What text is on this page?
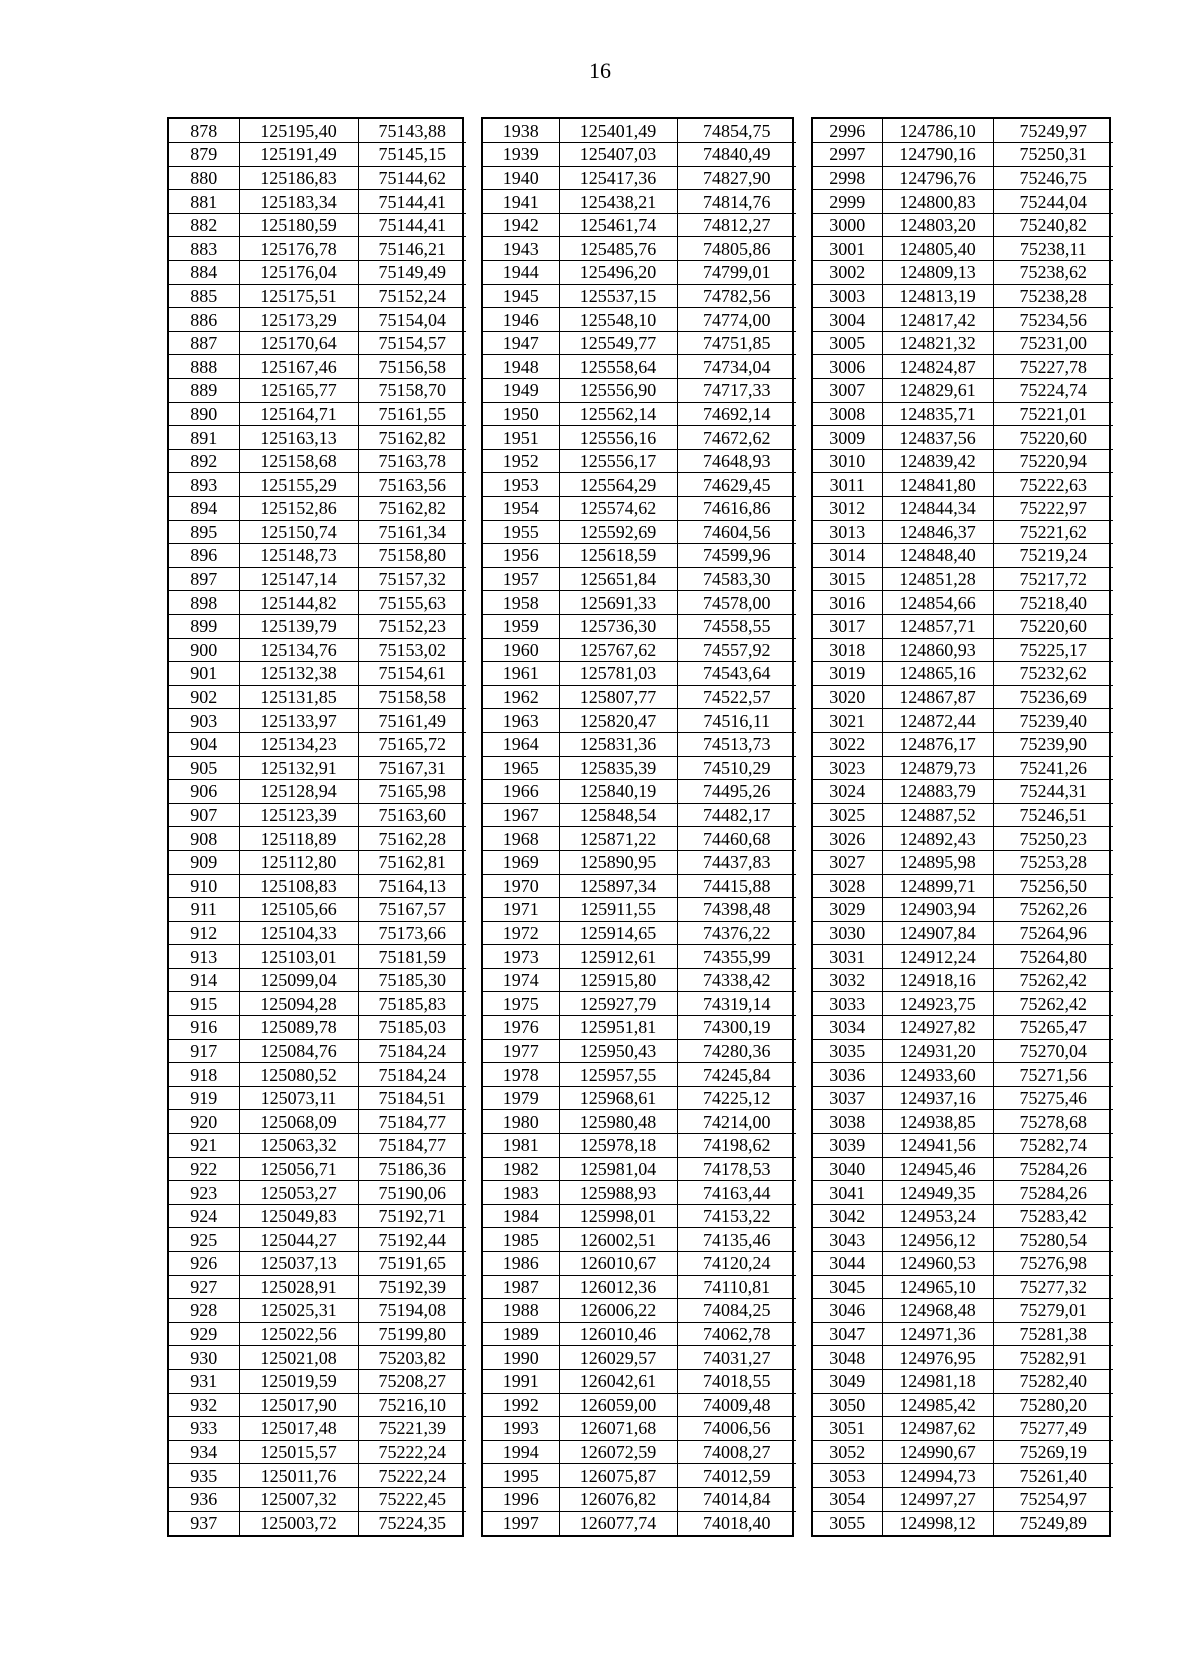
16
878	125195,40	75143,88
879	125191,49	75145,15
880	125186,83	75144,62
881	125183,34	75144,41
882	125180,59	75144,41
883	125176,78	75146,21
884	125176,04	75149,49
885	125175,51	75152,24
886	125173,29	75154,04
887	125170,64	75154,57
888	125167,46	75156,58
889	125165,77	75158,70
890	125164,71	75161,55
891	125163,13	75162,82
892	125158,68	75163,78
893	125155,29	75163,56
894	125152,86	75162,82
895	125150,74	75161,34
896	125148,73	75158,80
897	125147,14	75157,32
898	125144,82	75155,63
899	125139,79	75152,23
900	125134,76	75153,02
901	125132,38	75154,61
902	125131,85	75158,58
903	125133,97	75161,49
904	125134,23	75165,72
905	125132,91	75167,31
906	125128,94	75165,98
907	125123,39	75163,60
908	125118,89	75162,28
909	125112,80	75162,81
910	125108,83	75164,13
911	125105,66	75167,57
912	125104,33	75173,66
913	125103,01	75181,59
914	125099,04	75185,30
915	125094,28	75185,83
916	125089,78	75185,03
917	125084,76	75184,24
918	125080,52	75184,24
919	125073,11	75184,51
920	125068,09	75184,77
921	125063,32	75184,77
922	125056,71	75186,36
923	125053,27	75190,06
924	125049,83	75192,71
925	125044,27	75192,44
926	125037,13	75191,65
927	125028,91	75192,39
928	125025,31	75194,08
929	125022,56	75199,80
930	125021,08	75203,82
931	125019,59	75208,27
932	125017,90	75216,10
933	125017,48	75221,39
934	125015,57	75222,24
935	125011,76	75222,24
936	125007,32	75222,45
937	125003,72	75224,35
1938	125401,49	74854,75
1939	125407,03	74840,49
1940	125417,36	74827,90
1941	125438,21	74814,76
1942	125461,74	74812,27
1943	125485,76	74805,86
1944	125496,20	74799,01
1945	125537,15	74782,56
1946	125548,10	74774,00
1947	125549,77	74751,85
1948	125558,64	74734,04
1949	125556,90	74717,33
1950	125562,14	74692,14
1951	125556,16	74672,62
1952	125556,17	74648,93
1953	125564,29	74629,45
1954	125574,62	74616,86
1955	125592,69	74604,56
1956	125618,59	74599,96
1957	125651,84	74583,30
1958	125691,33	74578,00
1959	125736,30	74558,55
1960	125767,62	74557,92
1961	125781,03	74543,64
1962	125807,77	74522,57
1963	125820,47	74516,11
1964	125831,36	74513,73
1965	125835,39	74510,29
1966	125840,19	74495,26
1967	125848,54	74482,17
1968	125871,22	74460,68
1969	125890,95	74437,83
1970	125897,34	74415,88
1971	125911,55	74398,48
1972	125914,65	74376,22
1973	125912,61	74355,99
1974	125915,80	74338,42
1975	125927,79	74319,14
1976	125951,81	74300,19
1977	125950,43	74280,36
1978	125957,55	74245,84
1979	125968,61	74225,12
1980	125980,48	74214,00
1981	125978,18	74198,62
1982	125981,04	74178,53
1983	125988,93	74163,44
1984	125998,01	74153,22
1985	126002,51	74135,46
1986	126010,67	74120,24
1987	126012,36	74110,81
1988	126006,22	74084,25
1989	126010,46	74062,78
1990	126029,57	74031,27
1991	126042,61	74018,55
1992	126059,00	74009,48
1993	126071,68	74006,56
1994	126072,59	74008,27
1995	126075,87	74012,59
1996	126076,82	74014,84
1997	126077,74	74018,40
2996	124786,10	75249,97
2997	124790,16	75250,31
2998	124796,76	75246,75
2999	124800,83	75244,04
3000	124803,20	75240,82
3001	124805,40	75238,11
3002	124809,13	75238,62
3003	124813,19	75238,28
3004	124817,42	75234,56
3005	124821,32	75231,00
3006	124824,87	75227,78
3007	124829,61	75224,74
3008	124835,71	75221,01
3009	124837,56	75220,60
3010	124839,42	75220,94
3011	124841,80	75222,63
3012	124844,34	75222,97
3013	124846,37	75221,62
3014	124848,40	75219,24
3015	124851,28	75217,72
3016	124854,66	75218,40
3017	124857,71	75220,60
3018	124860,93	75225,17
3019	124865,16	75232,62
3020	124867,87	75236,69
3021	124872,44	75239,40
3022	124876,17	75239,90
3023	124879,73	75241,26
3024	124883,79	75244,31
3025	124887,52	75246,51
3026	124892,43	75250,23
3027	124895,98	75253,28
3028	124899,71	75256,50
3029	124903,94	75262,26
3030	124907,84	75264,96
3031	124912,24	75264,80
3032	124918,16	75262,42
3033	124923,75	75262,42
3034	124927,82	75265,47
3035	124931,20	75270,04
3036	124933,60	75271,56
3037	124937,16	75275,46
3038	124938,85	75278,68
3039	124941,56	75282,74
3040	124945,46	75284,26
3041	124949,35	75284,26
3042	124953,24	75283,42
3043	124956,12	75280,54
3044	124960,53	75276,98
3045	124965,10	75277,32
3046	124968,48	75279,01
3047	124971,36	75281,38
3048	124976,95	75282,91
3049	124981,18	75282,40
3050	124985,42	75280,20
3051	124987,62	75277,49
3052	124990,67	75269,19
3053	124994,73	75261,40
3054	124997,27	75254,97
3055	124998,12	75249,89
